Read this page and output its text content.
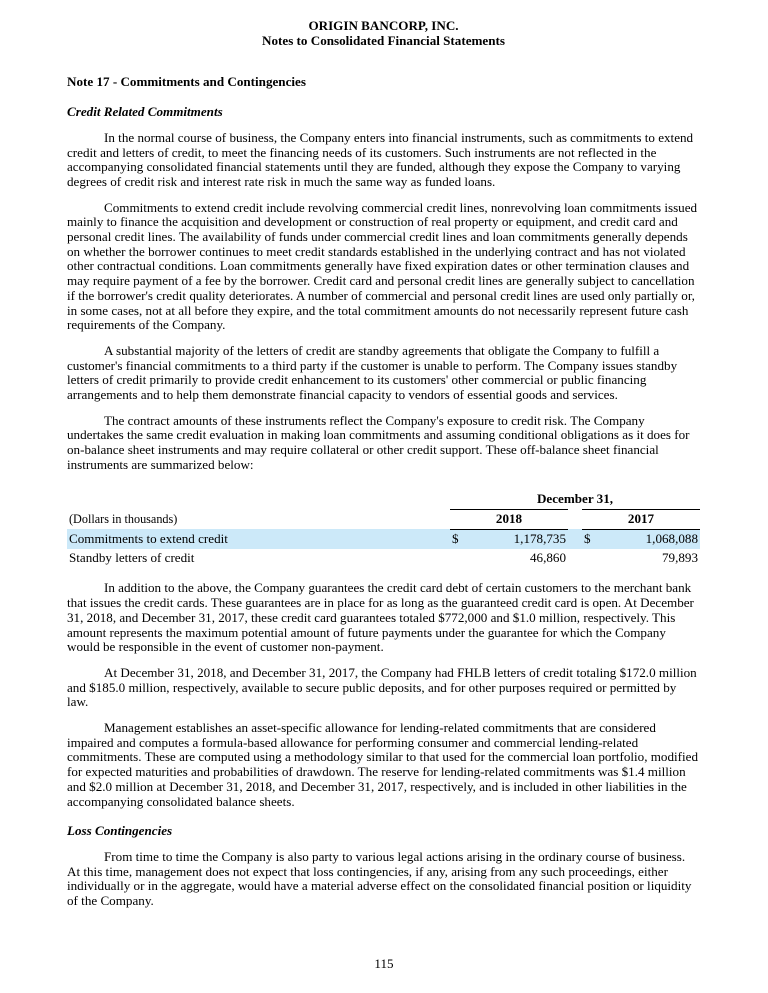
ORIGIN BANCORP, INC.
Notes to Consolidated Financial Statements
Note 17 - Commitments and Contingencies
Credit Related Commitments

In the normal course of business, the Company enters into financial instruments, such as commitments to extend credit and letters of credit, to meet the financing needs of its customers. Such instruments are not reflected in the accompanying consolidated financial statements until they are funded, although they expose the Company to varying degrees of credit risk and interest rate risk in much the same way as funded loans.

Commitments to extend credit include revolving commercial credit lines, nonrevolving loan commitments issued mainly to finance the acquisition and development or construction of real property or equipment, and credit card and personal credit lines. The availability of funds under commercial credit lines and loan commitments generally depends on whether the borrower continues to meet credit standards established in the underlying contract and has not violated other contractual conditions. Loan commitments generally have fixed expiration dates or other termination clauses and may require payment of a fee by the borrower. Credit card and personal credit lines are generally subject to cancellation if the borrower's credit quality deteriorates. A number of commercial and personal credit lines are used only partially or, in some cases, not at all before they expire, and the total commitment amounts do not necessarily represent future cash requirements of the Company.

A substantial majority of the letters of credit are standby agreements that obligate the Company to fulfill a customer's financial commitments to a third party if the customer is unable to perform. The Company issues standby letters of credit primarily to provide credit enhancement to its customers' other commercial or public financing arrangements and to help them demonstrate financial capacity to vendors of essential goods and services.

The contract amounts of these instruments reflect the Company's exposure to credit risk. The Company undertakes the same credit evaluation in making loan commitments and assuming conditional obligations as it does for on-balance sheet instruments and may require collateral or other credit support. These off-balance sheet financial instruments are summarized below:

	December 31,				
(Dollars in thousands)	2018			2017	
Commitments to extend credit	$	1,178,735		$	1,068,088
Standby letters of credit		46,860			79,893

In addition to the above, the Company guarantees the credit card debt of certain customers to the merchant bank that issues the credit cards. These guarantees are in place for as long as the guaranteed credit card is open. At December 31, 2018, and December 31, 2017, these credit card guarantees totaled $772,000 and $1.0 million, respectively. This amount represents the maximum potential amount of future payments under the guarantee for which the Company would be responsible in the event of customer non-payment.

At December 31, 2018, and December 31, 2017, the Company had FHLB letters of credit totaling $172.0 million and $185.0 million, respectively, available to secure public deposits, and for other purposes required or permitted by law.

Management establishes an asset-specific allowance for lending-related commitments that are considered impaired and computes a formula-based allowance for performing consumer and commercial lending-related commitments. These are computed using a methodology similar to that used for the commercial loan portfolio, modified for expected maturities and probabilities of drawdown. The reserve for lending-related commitments was $1.4 million and $2.0 million at December 31, 2018, and December 31, 2017, respectively, and is included in other liabilities in the accompanying consolidated balance sheets.

Loss Contingencies

From time to time the Company is also party to various legal actions arising in the ordinary course of business. At this time, management does not expect that loss contingencies, if any, arising from any such proceedings, either individually or in the aggregate, would have a material adverse effect on the consolidated financial position or liquidity of the Company.

115
